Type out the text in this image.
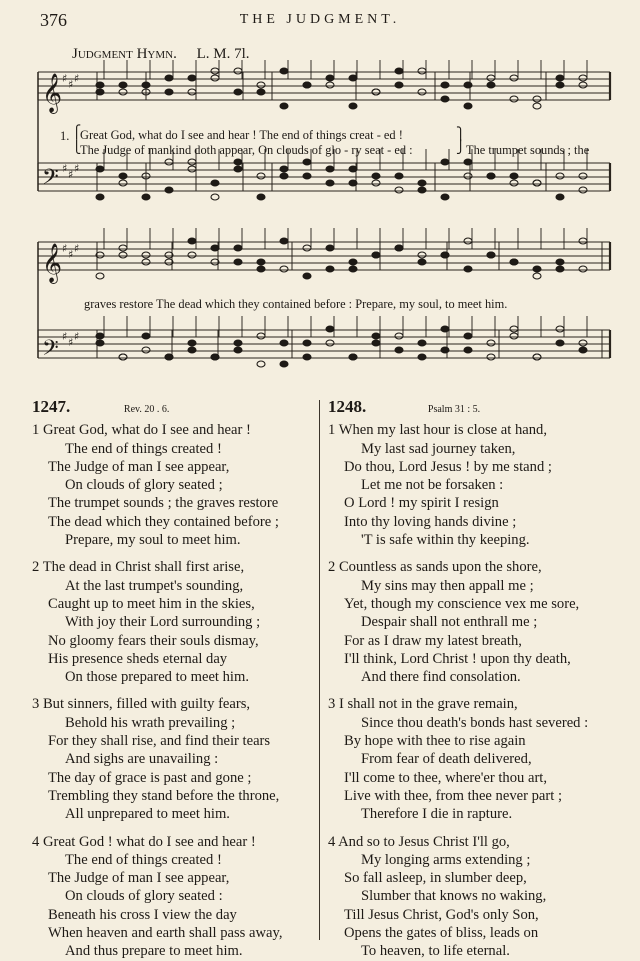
376	THE JUDGMENT.
Judgment Hymn. L. M. 7l.
𝄞
𝄢
𝄞
𝄢
♯ ♯ ♯
♯ ♯ ♯
♯ ♯ ♯
♯ ♯ ♯
1. ⎧
⎩
Great God, what do I see and hear ! The end of things creat - ed !	⎫
⎭
The Judge of mankind doth appear, On clouds of glo - ry seat - ed :	The trumpet sounds ; the
graves restore The dead which they contained before : Prepare, my soul, to meet him.
1247.	Rev. 20 . 6.
1 Great God, what do I see and hear !
The end of things created !
The Judge of man I see appear,
On clouds of glory seated ;
The trumpet sounds ; the graves restore
The dead which they contained before ;
Prepare, my soul to meet him.
2 The dead in Christ shall first arise,
At the last trumpet's sounding,
Caught up to meet him in the skies,
With joy their Lord surrounding ;
No gloomy fears their souls dismay,
His presence sheds eternal day
On those prepared to meet him.
3 But sinners, filled with guilty fears,
Behold his wrath prevailing ;
For they shall rise, and find their tears
And sighs are unavailing :
The day of grace is past and gone ;
Trembling they stand before the throne,
All unprepared to meet him.
4 Great God ! what do I see and hear !
The end of things created !
The Judge of man I see appear,
On clouds of glory seated :
Beneath his cross I view the day
When heaven and earth shall pass away,
And thus prepare to meet him.
1248.	Psalm 31 : 5.
1 When my last hour is close at hand,
My last sad journey taken,
Do thou, Lord Jesus ! by me stand ;
Let me not be forsaken :
O Lord ! my spirit I resign
Into thy loving hands divine ;
'T is safe within thy keeping.
2 Countless as sands upon the shore,
My sins may then appall me ;
Yet, though my conscience vex me sore,
Despair shall not enthrall me ;
For as I draw my latest breath,
I'll think, Lord Christ ! upon thy death,
And there find consolation.
3 I shall not in the grave remain,
Since thou death's bonds hast severed :
By hope with thee to rise again
From fear of death delivered,
I'll come to thee, where'er thou art,
Live with thee, from thee never part ;
Therefore I die in rapture.
4 And so to Jesus Christ I'll go,
My longing arms extending ;
So fall asleep, in slumber deep,
Slumber that knows no waking,
Till Jesus Christ, God's only Son,
Opens the gates of bliss, leads on
To heaven, to life eternal.
